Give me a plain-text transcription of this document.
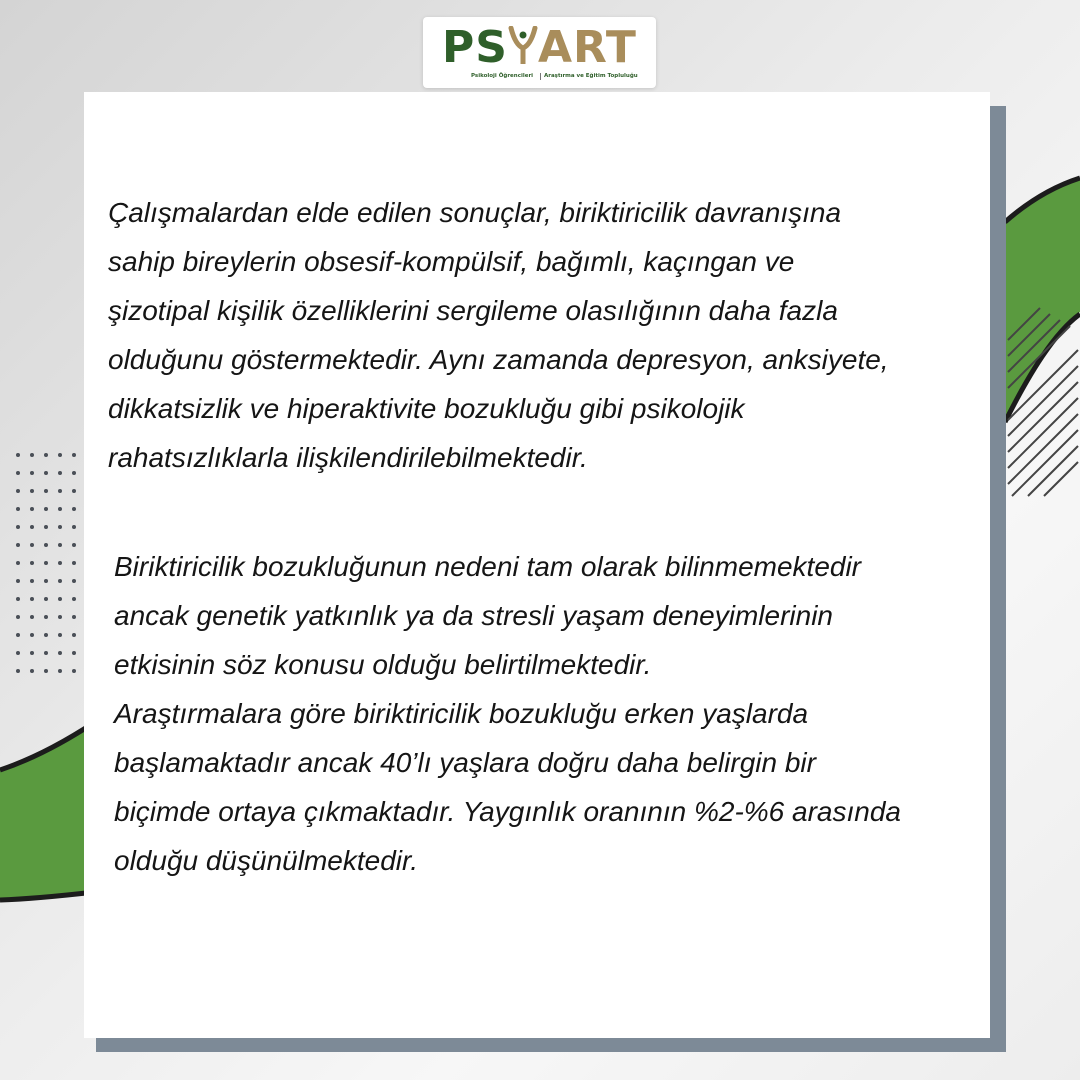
PS ART
Psikoloji Öğrencileri	Araştırma ve Eğitim Topluluğu

Çalışmalardan elde edilen sonuçlar, biriktiricilik davranışına
sahip bireylerin obsesif-kompülsif, bağımlı, kaçıngan ve
şizotipal kişilik özelliklerini sergileme olasılığının daha fazla
olduğunu göstermektedir. Aynı zamanda depresyon, anksiyete,
dikkatsizlik ve hiperaktivite bozukluğu gibi psikolojik
rahatsızlıklarla ilişkilendirilebilmektedir.

Biriktiricilik bozukluğunun nedeni tam olarak bilinmemektedir
ancak genetik yatkınlık ya da stresli yaşam deneyimlerinin
etkisinin söz konusu olduğu belirtilmektedir.
Araştırmalara göre biriktiricilik bozukluğu erken yaşlarda
başlamaktadır ancak 40’lı yaşlara doğru daha belirgin bir
biçimde ortaya çıkmaktadır. Yaygınlık oranının %2-%6 arasında
olduğu düşünülmektedir.
